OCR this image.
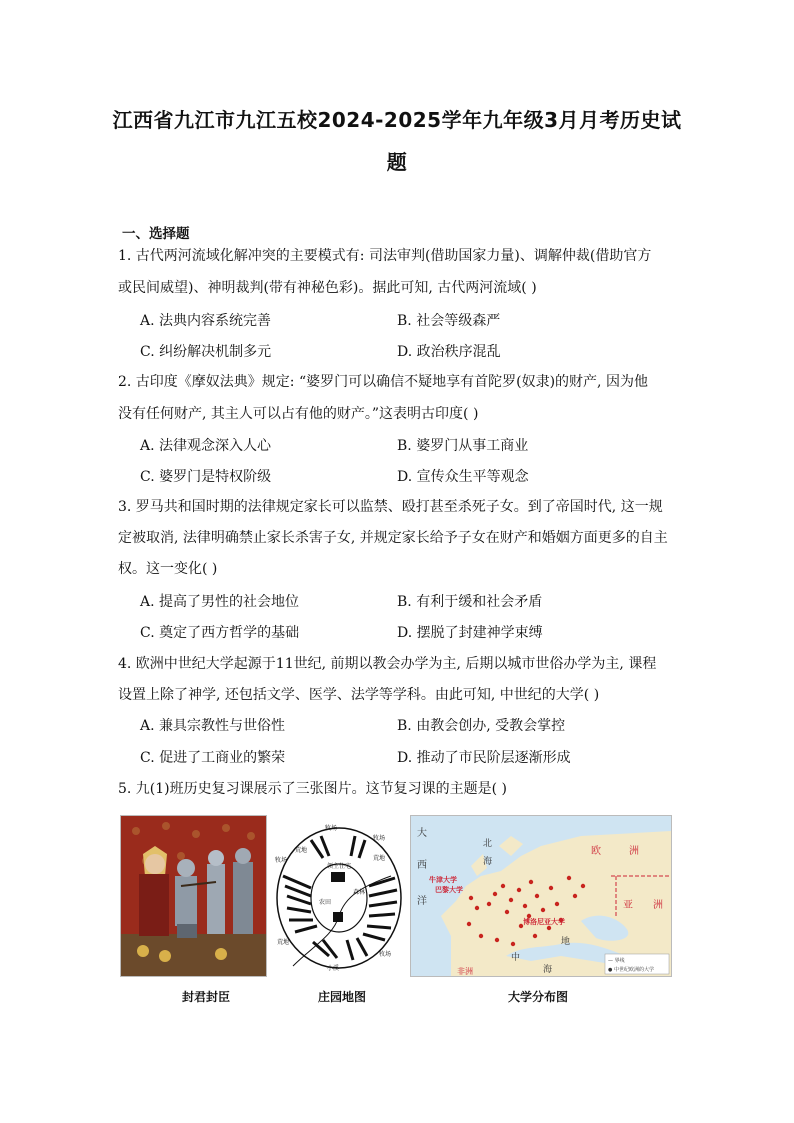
江西省九江市九江五校2024-2025学年九年级3月月考历史试
题
一、选择题
1. 古代两河流域化解冲突的主要模式有: 司法审判(借助国家力量)、调解仲裁(借助官方
或民间威望)、神明裁判(带有神秘色彩)。据此可知, 古代两河流域( )
A. 法典内容系统完善	B. 社会等级森严
C. 纠纷解决机制多元	D. 政治秩序混乱
2. 古印度《摩奴法典》规定: “婆罗门可以确信不疑地享有首陀罗(奴隶)的财产, 因为他
没有任何财产, 其主人可以占有他的财产。”这表明古印度( )
A. 法律观念深入人心	B. 婆罗门从事工商业
C. 婆罗门是特权阶级	D. 宣传众生平等观念
3. 罗马共和国时期的法律规定家长可以监禁、殴打甚至杀死子女。到了帝国时代, 这一规
定被取消, 法律明确禁止家长杀害子女, 并规定家长给予子女在财产和婚姻方面更多的自主
权。这一变化( )
A. 提高了男性的社会地位	B. 有利于缓和社会矛盾
C. 奠定了西方哲学的基础	D. 摆脱了封建神学束缚
4. 欧洲中世纪大学起源于11世纪, 前期以教会办学为主, 后期以城市世俗办学为主, 课程
设置上除了神学, 还包括文学、医学、法学等学科。由此可知, 中世纪的大学( )
A. 兼具宗教性与世俗性	B. 由教会创办, 受教会掌控
C. 促进了工商业的繁荣	D. 推动了市民阶层逐渐形成
5. 九(1)班历史复习课展示了三张图片。这节复习课的主题是( )
牧场
牧场
领主住宅
牧场
牧场
荒地
荒地
荒地
森林
农田
小溪
大
西
洋
北
海
欧	洲
亚 洲
牛津大学
巴黎大学
博洛尼亚大学
地
中
海
非洲
— 界线
● 中世纪欧洲的大学
封君封臣	庄园地图	大学分布图
